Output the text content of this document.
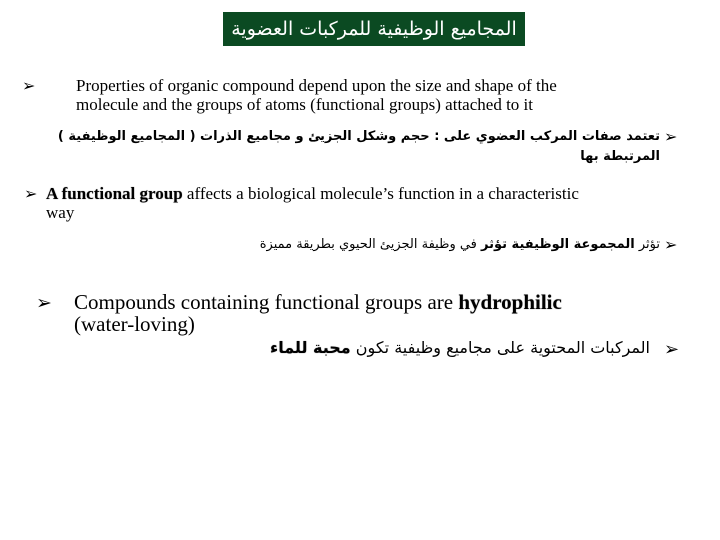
المجاميع الوظيفية للمركبات العضوية
➢ Properties of organic compound depend upon the size and shape of the
molecule and the groups of atoms (functional groups) attached to it
➢
تعتمد صفات المركب العضوي على : حجم وشكل الجزيئ و مجاميع الذرات ( المجاميع الوظيفية )
المرتبطة بها
➢ A functional group affects a biological molecule’s function in a characteristic
way
➢
تؤثر المجموعة الوظيفية تؤثر في وظيفة الجزيئ الحيوي بطريقة مميزة
➢ Compounds containing functional groups are hydrophilic
(water-loving)
➢
المركبات المحتوية على مجاميع وظيفية تكون محبة للماء
